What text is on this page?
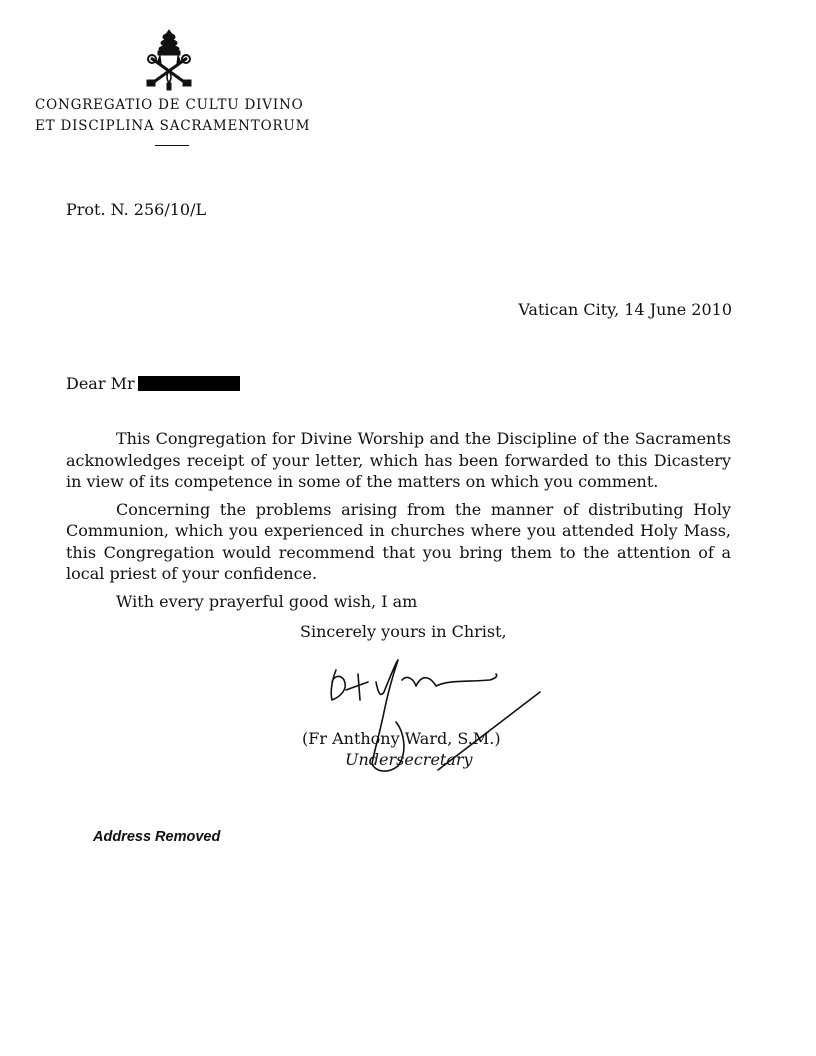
CONGREGATIO DE CULTU DIVINO
ET DISCIPLINA SACRAMENTORUM
Prot. N. 256/10/L
Vatican City, 14 June 2010
Dear Mr

This Congregation for Divine Worship and the Discipline of the Sacraments acknowledges receipt of your letter, which has been forwarded to this Dicastery in view of its competence in some of the matters on which you comment.

Concerning the problems arising from the manner of distributing Holy Communion, which you experienced in churches where you attended Holy Mass, this Congregation would recommend that you bring them to the attention of a local priest of your confidence.

With every prayerful good wish, I am

Sincerely yours in Christ,
(Fr Anthony Ward, S.M.)
Undersecretary
Address Removed
